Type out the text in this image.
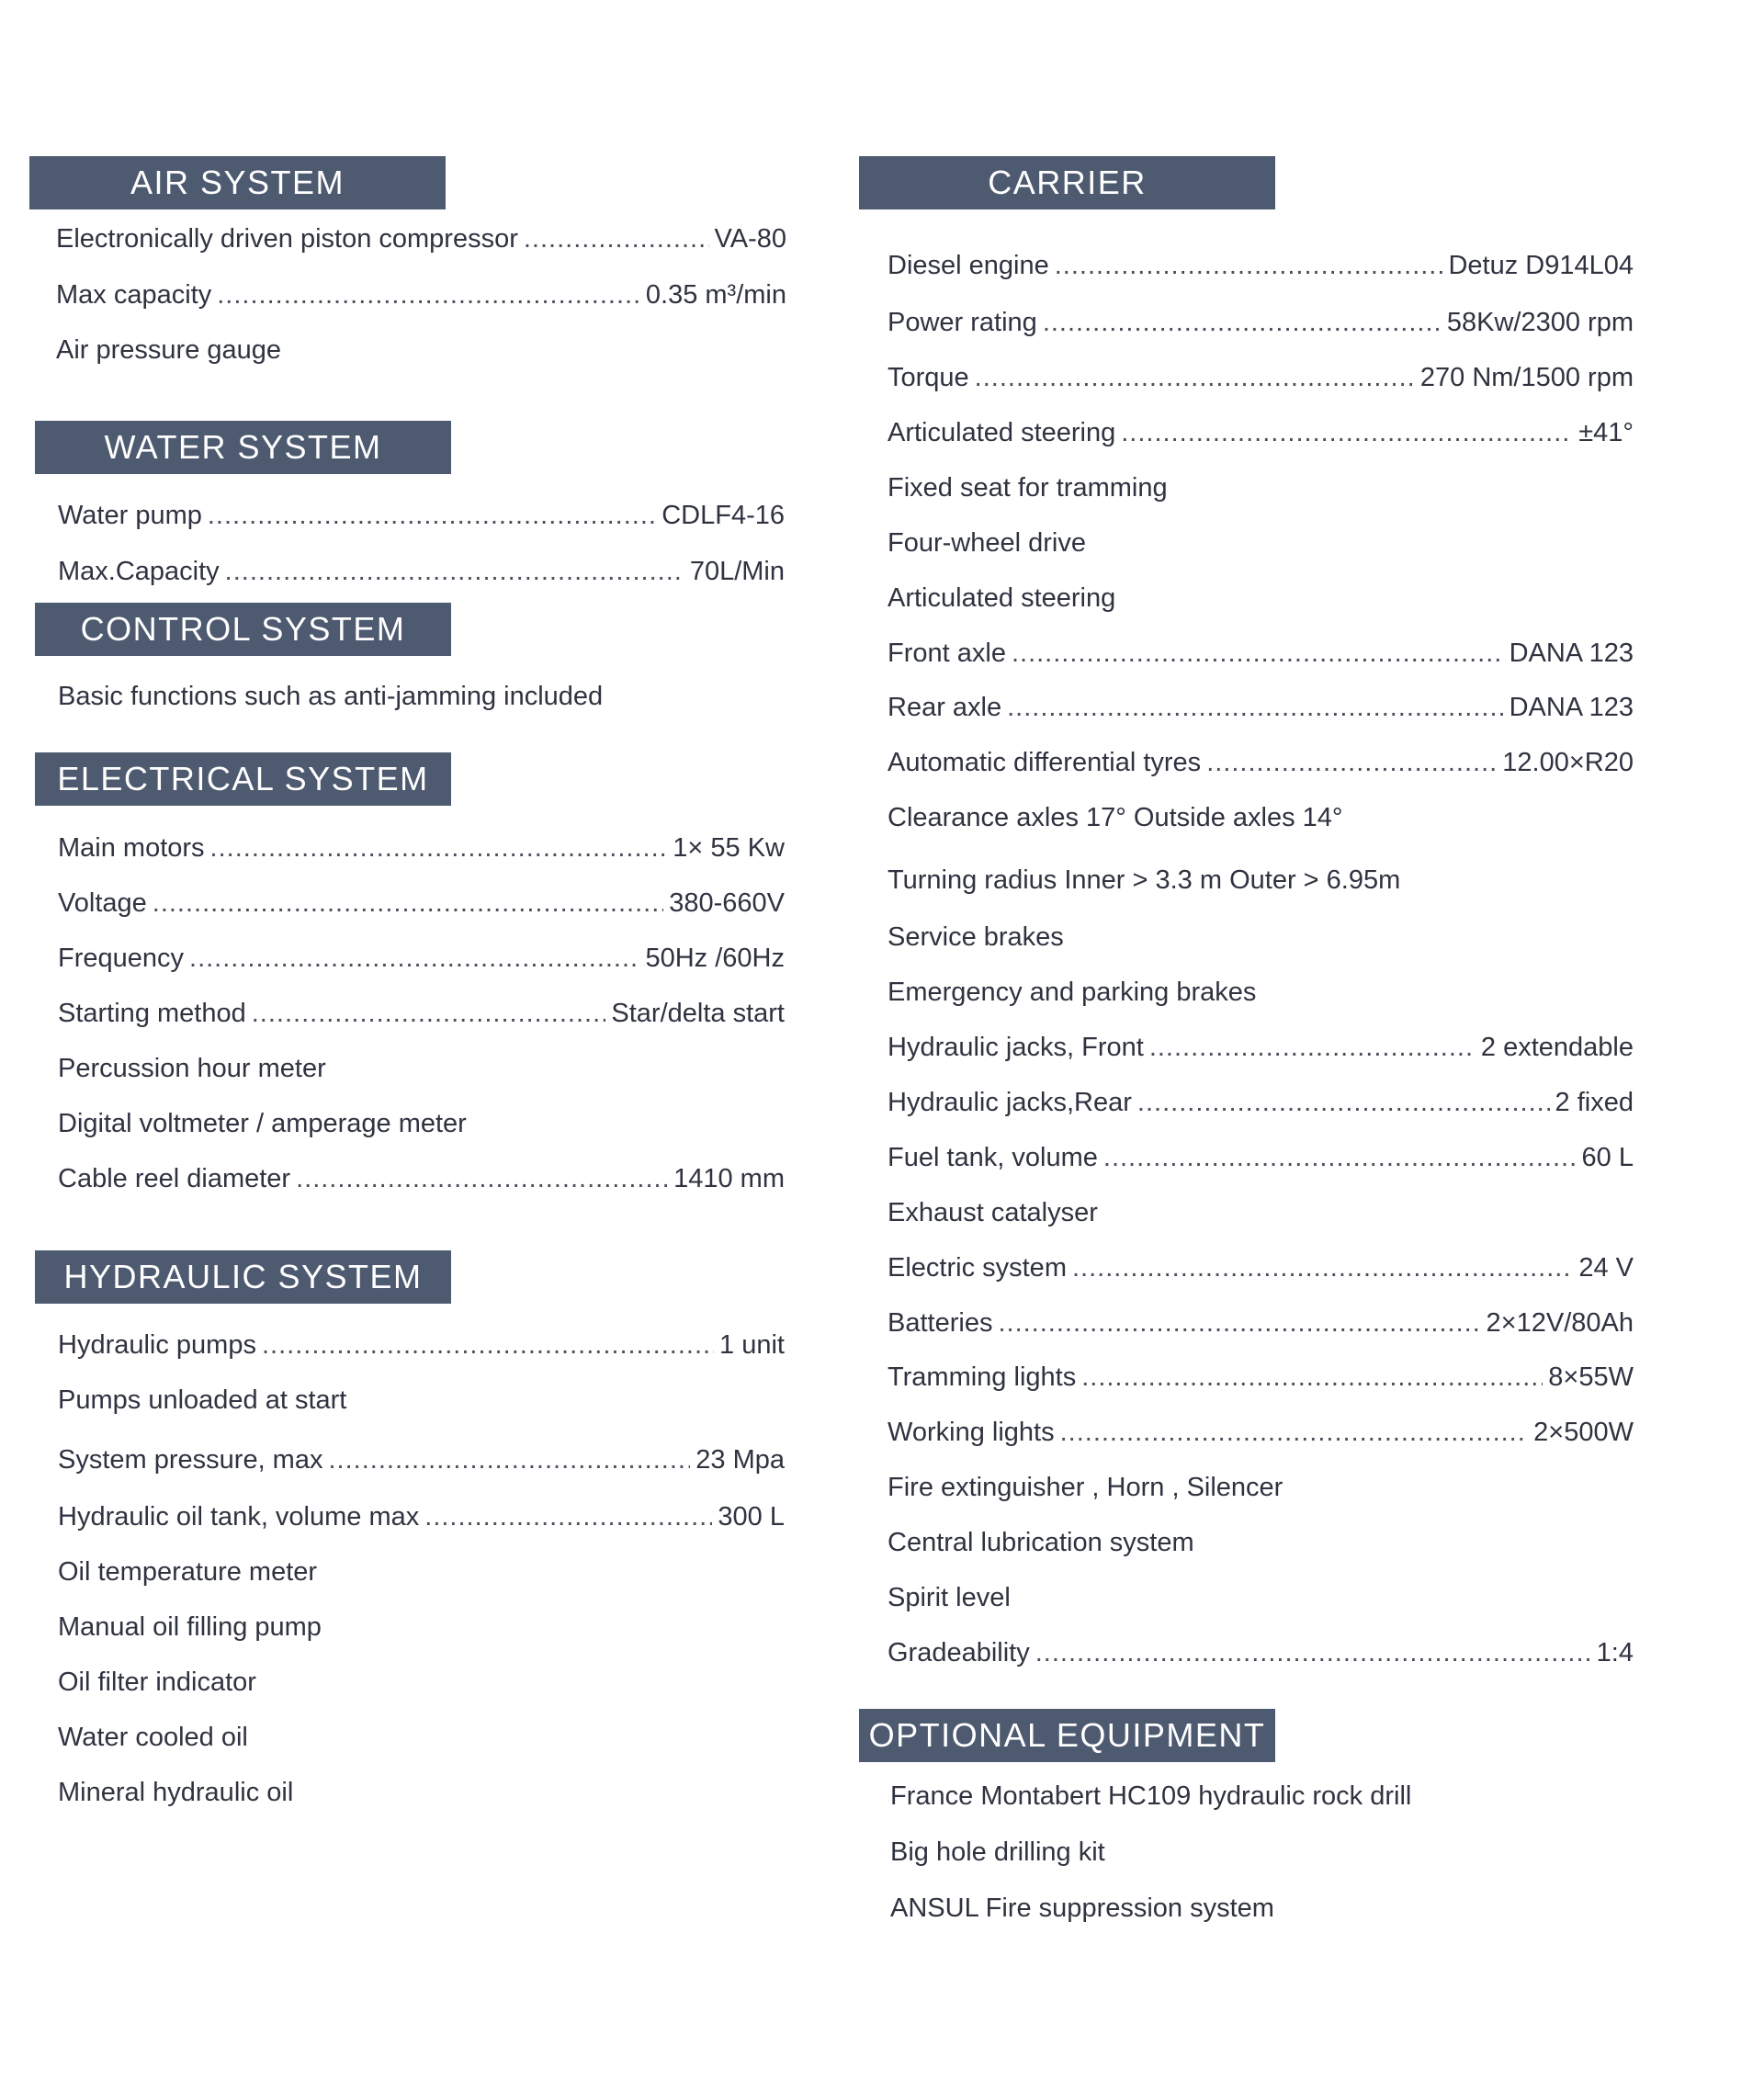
AIR SYSTEM
Electronically driven piston compressor .....	VA-80
Max capacity .....	0.35 m³/min
Air pressure gauge
WATER SYSTEM
Water pump .....	CDLF4-16
Max.Capacity .....	70L/Min
CONTROL SYSTEM
Basic functions such as anti-jamming included
ELECTRICAL SYSTEM
Main motors .....	1× 55 Kw
Voltage .....	380-660V
Frequency .....	50Hz /60Hz
Starting method .....	Star/delta start
Percussion hour meter
Digital voltmeter / amperage meter
Cable reel diameter .....	1410 mm
HYDRAULIC SYSTEM
Hydraulic pumps .....	1 unit
Pumps unloaded at start
System pressure, max .....	23 Mpa
Hydraulic oil tank, volume max .....	300 L
Oil temperature meter
Manual oil filling pump
Oil filter indicator
Water cooled oil
Mineral hydraulic oil
CARRIER
Diesel engine .....	Detuz D914L04
Power rating .....	58Kw/2300 rpm
Torque .....	270 Nm/1500 rpm
Articulated steering .....	±41°
Fixed seat for tramming
Four-wheel drive
Articulated steering
Front axle .....	DANA 123
Rear axle .....	DANA 123
Automatic differential tyres .....	12.00×R20
Clearance axles 17° Outside axles 14°
Turning radius Inner > 3.3 m Outer > 6.95m
Service brakes
Emergency and parking brakes
Hydraulic jacks, Front .....	2 extendable
Hydraulic jacks,Rear .....	2 fixed
Fuel tank, volume .....	60 L
Exhaust catalyser
Electric system .....	24 V
Batteries .....	2×12V/80Ah
Tramming lights .....	8×55W
Working lights .....	2×500W
Fire extinguisher , Horn , Silencer
Central lubrication system
Spirit level
Gradeability .....	1:4
OPTIONAL EQUIPMENT
France Montabert HC109 hydraulic rock drill
Big hole drilling kit
ANSUL Fire suppression system
